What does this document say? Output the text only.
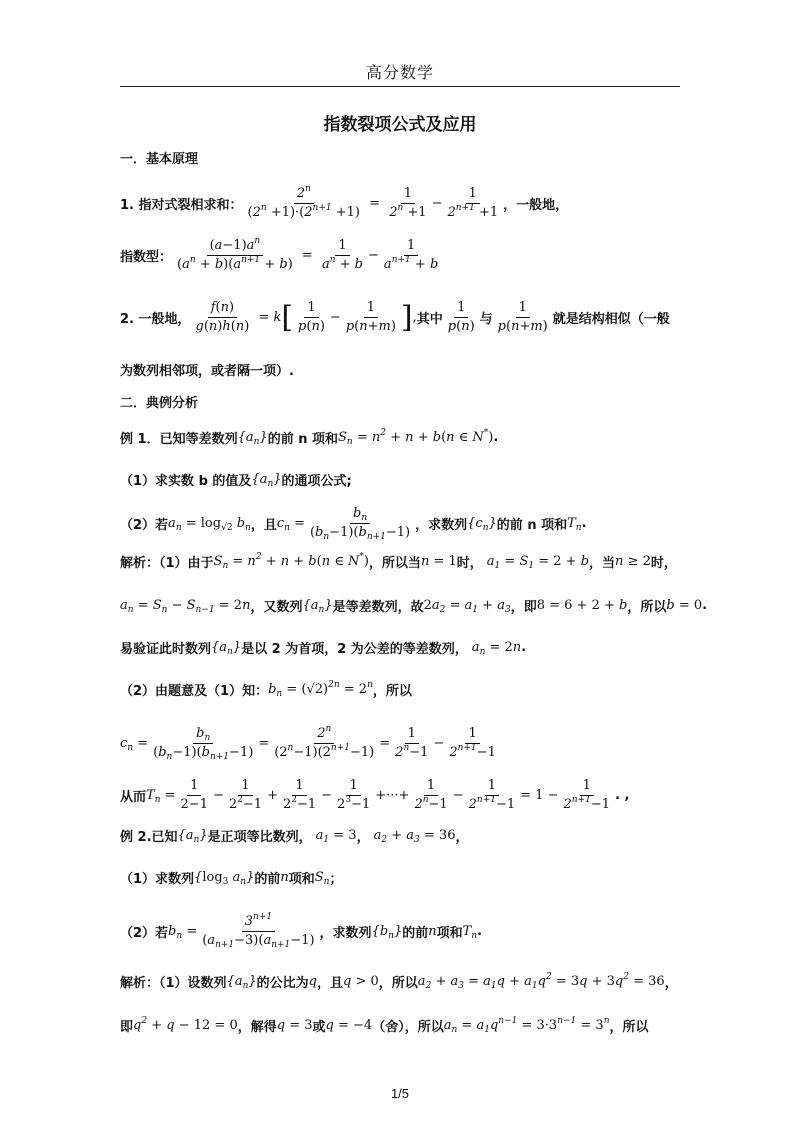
高分数学
指数裂项公式及应用
一．基本原理
1. 指对式裂相求和： $\frac{2^n}{(2^n +1)\cdot(2^{n+1} +1)} = \frac{1}{2^n +1} - \frac{1}{2^{n+1} +1}$ ，一般地，
指数型： $\frac{(a-1)a^n}{(a^n + b)(a^{n+1} + b)} = \frac{1}{a^n + b} - \frac{1}{a^{n+1} + b}$
2. 一般地， $\frac{f(n)}{g(n)h(n)} = k$ [ $\frac{1}{p(n)} - \frac{1}{p(n+m)}$ ] , 其中 $\frac{1}{p(n)}$ 与 $\frac{1}{p(n+m)}$ 就是结构相似（一般
为数列相邻项，或者隔一项）.
二．典例分析
例 1．已知等差数列 $\{a_n\}$ 的前 n 项和 $S_n = n^2 + n + b(n$ ∈ N*) .
（1）求实数 b 的值及 $\{a_n\}$ 的通项公式;
（2）若 $a_n = \log_{√2} b_n$ ，且 $c_n = \frac{b_n}{(b_n-1)(b_{n+1}-1)}$ ，求数列 $\{c_n\}$ 的前 n 项和 $T_n$ .
解析：（1）由于 $S_n = n^2 + n + b(n$ ∈ N*) ，所以当 n = 1 时， $a_1 = S_1 = 2 + b$ ，当 n ≥ 2 时，
$a_n = S_n - S_{n-1} = 2n$ ，又数列 $\{a_n\}$ 是等差数列，故 $2a_2 = a_1 + a_3$ ，即 8 = 6 + 2 + b ，所以 b = 0 .
易验证此时数列 $\{a_n\}$ 是以 2 为首项，2 为公差的等差数列， $a_n = 2n$ .
（2）由题意及（1）知： $b_n = (√2)^{2n} = 2^n$ ，所以
$c_n = \frac{b_n}{(b_n-1)(b_{n+1}-1)} = \frac{2^n}{(2^n-1)(2^{n+1}-1)} = \frac{1}{2^n-1} - \frac{1}{2^{n+1}-1}$
从而 $T_n = \frac{1}{2-1} - \frac{1}{2^2-1} + \frac{1}{2^2-1} - \frac{1}{2^3-1}$ +···+ $\frac{1}{2^n-1} - \frac{1}{2^{n+1}-1} = 1 - \frac{1}{2^{n+1}-1}$ . ,
例 2.已知 $\{a_n\}$ 是正项等比数列， $a_1 = 3$ ， $a_2 + a_3 = 36$ ，
（1）求数列 {$\log_3$ $a_n$} 的前 n 项和 $S_n$ ；
（2）若 $b_n = \frac{3^{n+1}}{(a_{n+1}-3)(a_{n+1}-1)}$ ，求数列 $\{b_n\}$ 的前 n 项和 $T_n$ .
解析：（1）设数列 $\{a_n\}$ 的公比为 q ，且 q > 0 ，所以 $a_2 + a_3 = a_1q + a_1q^2 = 3q + 3q^2 = 36$ ，
即 $q^2 + q - 12 = 0$ ，解得 q = 3 或 q = −4 （舍），所以 $a_n = a_1q^{n-1} = 3\cdot 3^{n-1} = 3^n$ ，所以
1/5
